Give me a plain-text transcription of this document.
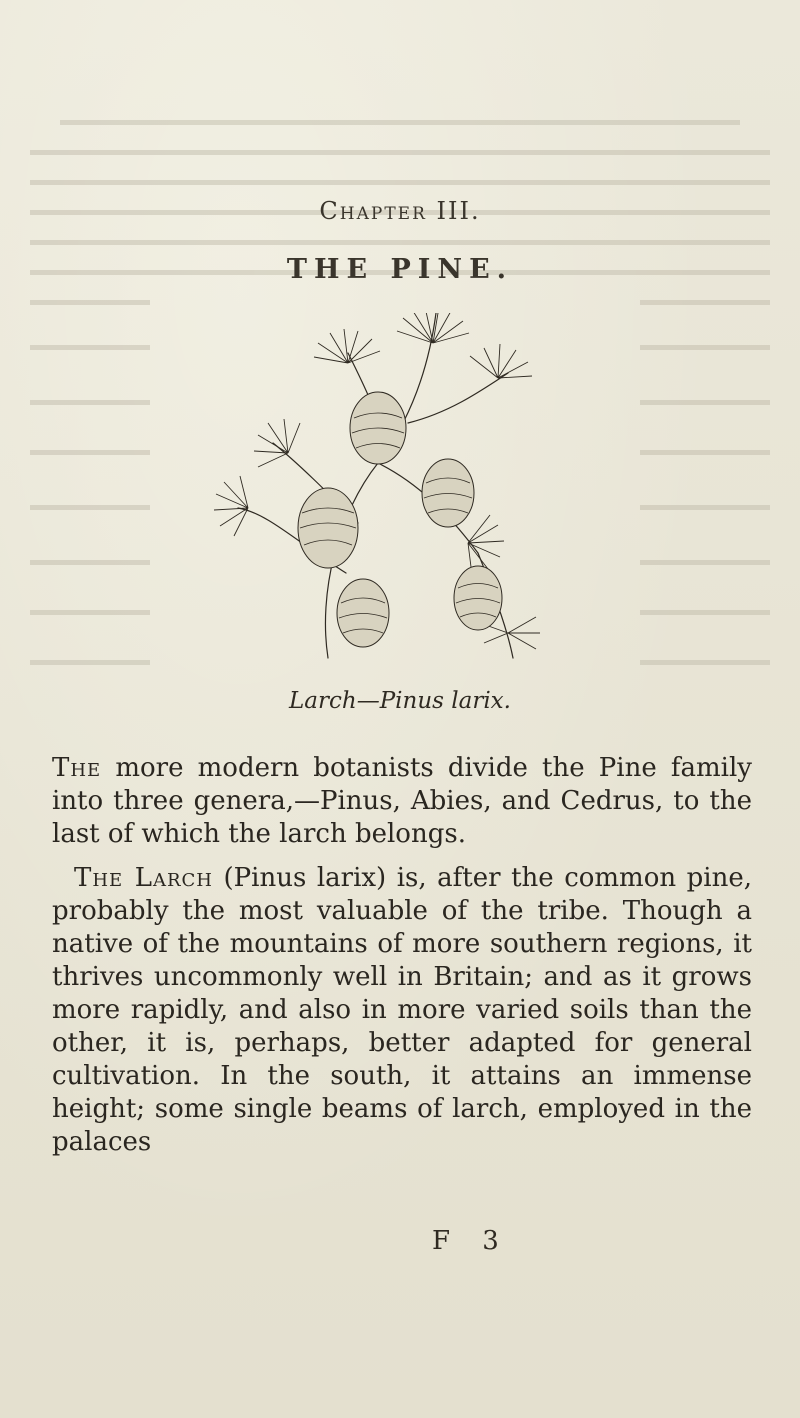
Chapter III.
THE PINE.
Larch—Pinus larix.

The more modern botanists divide the Pine family into three genera,—Pinus, Abies, and Cedrus, to the last of which the larch belongs.

The Larch (Pinus larix) is, after the common pine, probably the most valuable of the tribe. Though a native of the mountains of more southern regions, it thrives uncommonly well in Britain; and as it grows more rapidly, and also in more varied soils than the other, it is, perhaps, better adapted for general cultivation. In the south, it attains an immense height; some single beams of larch, employed in the palaces

F 3
